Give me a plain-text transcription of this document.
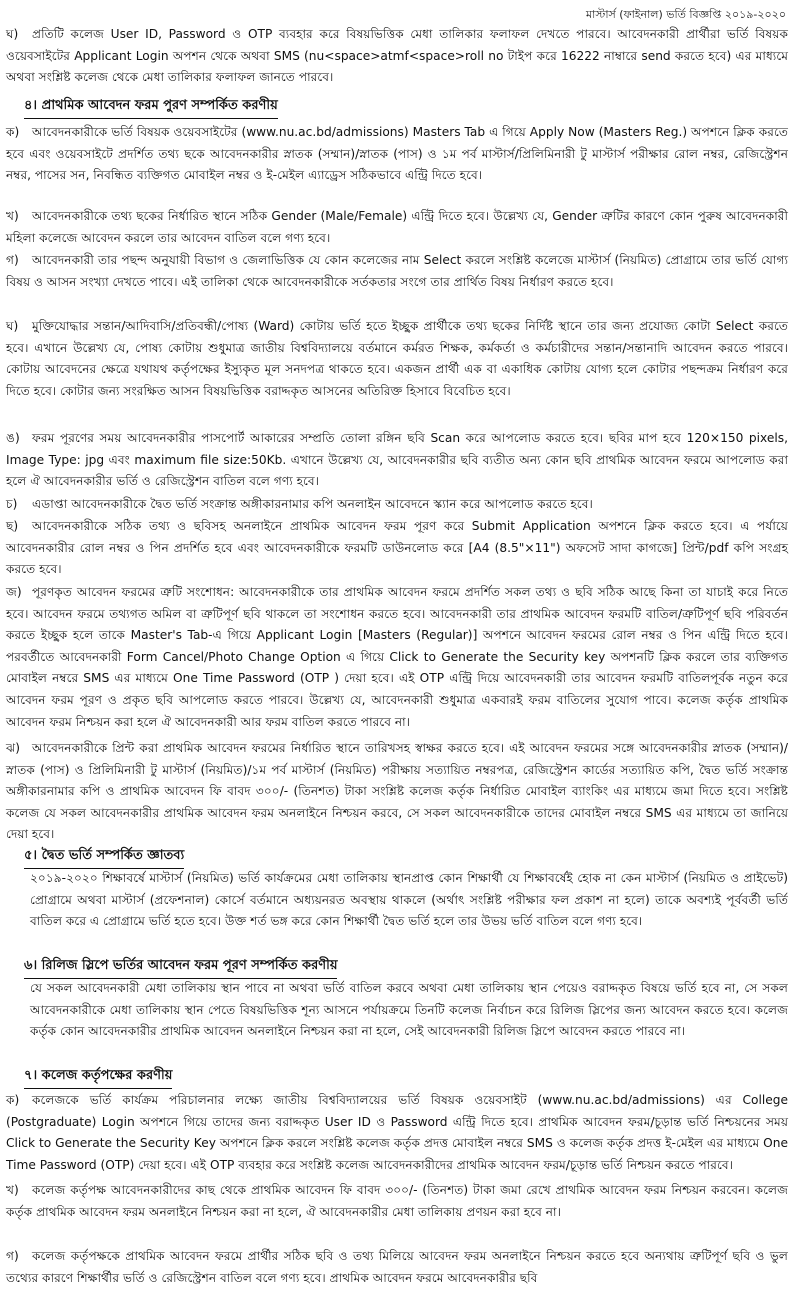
মাস্টার্স (ফাইনাল) ভর্তি বিজ্ঞপ্তি ২০১৯-২০২০
ঘ) প্রতিটি কলেজ User ID, Password ও OTP ব্যবহার করে বিষয়ভিত্তিক মেধা তালিকার ফলাফল দেখতে পারবে। আবেদনকারী প্রার্থীরা ভর্তি বিষয়ক ওয়েবসাইটের Applicant Login অপশন থেকে অথবা SMS (nu<space>atmf<space>roll no টাইপ করে 16222 নাম্বারে send করতে হবে) এর মাধ্যমে অথবা সংশ্লিষ্ট কলেজ থেকে মেধা তালিকার ফলাফল জানতে পারবে।
৪। প্রাথমিক আবেদন ফরম পুরণ সম্পর্কিত করণীয়
ক) আবেদনকারীকে ভর্তি বিষয়ক ওয়েবসাইটের (www.nu.ac.bd/admissions) Masters Tab এ গিয়ে Apply Now (Masters Reg.) অপশনে ক্লিক করতে হবে এবং ওয়েবসাইটে প্রদর্শিত তথ্য ছকে আবেদনকারীর স্নাতক (সম্মান)/স্নাতক (পাস) ও ১ম পর্ব মাস্টার্স/প্রিলিমিনারী টু মাস্টার্স পরীক্ষার রোল নম্বর, রেজিস্ট্রেশন নম্বর, পাসের সন, নিবন্ধিত ব্যক্তিগত মোবাইল নম্বর ও ই-মেইল এ্যাড্রেস সঠিকভাবে এন্ট্রি দিতে হবে।
খ) আবেদনকারীকে তথ্য ছকের নির্ধারিত স্থানে সঠিক Gender (Male/Female) এন্ট্রি দিতে হবে। উল্লেখ্য যে, Gender ত্রুটির কারণে কোন পুরুষ আবেদনকারী মহিলা কলেজে আবেদন করলে তার আবেদন বাতিল বলে গণ্য হবে।
গ) আবেদনকারী তার পছন্দ অনুযায়ী বিভাগ ও জেলাভিত্তিক যে কোন কলেজের নাম Select করলে সংশ্লিষ্ট কলেজে মাস্টার্স (নিয়মিত) প্রোগ্রামে তার ভর্তি যোগ্য বিষয় ও আসন সংখ্যা দেখতে পাবে। এই তালিকা থেকে আবেদনকারীকে সর্তকতার সংগে তার প্রার্থিত বিষয় নির্ধারণ করতে হবে।
ঘ) মুক্তিযোদ্ধার সন্তান/আদিবাসি/প্রতিবন্ধী/পোষ্য (Ward) কোটায় ভর্তি হতে ইচ্ছুক প্রার্থীকে তথ্য ছকের নির্দিষ্ট স্থানে তার জন্য প্রযোজ্য কোটা Select করতে হবে। এখানে উল্লেখ্য যে, পোষ্য কোটায় শুধুমাত্র জাতীয় বিশ্ববিদ্যালয়ে বর্তমানে কর্মরত শিক্ষক, কর্মকর্তা ও কর্মচারীদের সন্তান/সন্তানাদি আবেদন করতে পারবে। কোটায় আবেদনের ক্ষেত্রে যথাযথ কর্তৃপক্ষের ইস্যুকৃত মূল সনদপত্র থাকতে হবে। একজন প্রার্থী এক বা একাধিক কোটায় যোগ্য হলে কোটার পছন্দক্রম নির্ধারণ করে দিতে হবে। কোটার জন্য সংরক্ষিত আসন বিষয়ভিত্তিক বরাদ্দকৃত আসনের অতিরিক্ত হিসাবে বিবেচিত হবে।
ঙ) ফরম পূরণের সময় আবেদনকারীর পাসপোর্ট আকারের সম্প্রতি তোলা রঙ্গিন ছবি Scan করে আপলোড করতে হবে। ছবির মাপ হবে 120×150 pixels, Image Type: jpg এবং maximum file size:50Kb. এখানে উল্লেখ্য যে, আবেদনকারীর ছবি ব্যতীত অন্য কোন ছবি প্রাথমিক আবেদন ফরমে আপলোড করা হলে ঐ আবেদনকারীর ভর্তি ও রেজিস্ট্রেশন বাতিল বলে গণ্য হবে।
চ) এডাপ্তা আবেদনকারীকে দ্বৈত ভর্তি সংক্রান্ত অঙ্গীকারনামার কপি অনলাইন আবেদনে স্ক্যান করে আপলোড করতে হবে।
ছ) আবেদনকারীকে সঠিক তথ্য ও ছবিসহ অনলাইনে প্রাথমিক আবেদন ফরম পূরণ করে Submit Application অপশনে ক্লিক করতে হবে। এ পর্যায়ে আবেদনকারীর রোল নম্বর ও পিন প্রদর্শিত হবে এবং আবেদনকারীকে ফরমটি ডাউনলোড করে [A4 (8.5"×11") অফসেট সাদা কাগজে] প্রিন্ট/pdf কপি সংগ্রহ করতে হবে।
জ) পূরণকৃত আবেদন ফরমের ত্রুটি সংশোধন: আবেদনকারীকে তার প্রাথমিক আবেদন ফরমে প্রদর্শিত সকল তথ্য ও ছবি সঠিক আছে কিনা তা যাচাই করে নিতে হবে। আবেদন ফরমে তথ্যগত অমিল বা ত্রুটিপূর্ণ ছবি থাকলে তা সংশোধন করতে হবে। আবেদনকারী তার প্রাথমিক আবেদন ফরমটি বাতিল/ত্রুটিপূর্ণ ছবি পরিবর্তন করতে ইচ্ছুক হলে তাকে Master's Tab-এ গিয়ে Applicant Login [Masters (Regular)] অপশনে আবেদন ফরমের রোল নম্বর ও পিন এন্ট্রি দিতে হবে। পরবর্তীতে আবেদনকারী Form Cancel/Photo Change Option এ গিয়ে Click to Generate the Security key অপশনটি ক্লিক করলে তার ব্যক্তিগত মোবাইল নম্বরে SMS এর মাধ্যমে One Time Password (OTP ) দেয়া হবে। এই OTP এন্ট্রি দিয়ে আবেদনকারী তার আবেদন ফরমটি বাতিলপূর্বক নতুন করে আবেদন ফরম পূরণ ও প্রকৃত ছবি আপলোড করতে পারবে। উল্লেখ্য যে, আবেদনকারী শুধুমাত্র একবারই ফরম বাতিলের সুযোগ পাবে। কলেজ কর্তৃক প্রাথমিক আবেদন ফরম নিশ্চয়ন করা হলে ঐ আবেদনকারী আর ফরম বাতিল করতে পারবে না।
ঝ) আবেদনকারীকে প্রিন্ট করা প্রাথমিক আবেদন ফরমের নির্ধারিত স্থানে তারিখসহ স্বাক্ষর করতে হবে। এই আবেদন ফরমের সঙ্গে আবেদনকারীর স্নাতক (সম্মান)/স্নাতক (পাস) ও প্রিলিমিনারী টু মাস্টার্স (নিয়মিত)/১ম পর্ব মাস্টার্স (নিয়মিত) পরীক্ষায় সত্যায়িত নম্বরপত্র, রেজিস্ট্রেশন কার্ডের সত্যায়িত কপি, দ্বৈত ভর্তি সংক্রান্ত অঙ্গীকারনামার কপি ও প্রাথমিক আবেদন ফি বাবদ ৩০০/- (তিনশত) টাকা সংশ্লিষ্ট কলেজ কর্তৃক নির্ধারিত মোবাইল ব্যাংকিং এর মাধ্যমে জমা দিতে হবে। সংশ্লিষ্ট কলেজ যে সকল আবেদনকারীর প্রাথমিক আবেদন ফরম অনলাইনে নিশ্চয়ন করবে, সে সকল আবেদনকারীকে তাদের মোবাইল নম্বরে SMS এর মাধ্যমে তা জানিয়ে দেয়া হবে।
৫। দ্বৈত ভর্তি সম্পর্কিত জ্ঞাতব্য
২০১৯-২০২০ শিক্ষাবর্ষে মাস্টার্স (নিয়মিত) ভর্তি কার্যক্রমের মেধা তালিকায় স্থানপ্রাপ্ত কোন শিক্ষার্থী যে শিক্ষাবর্ষেই হোক না কেন মাস্টার্স (নিয়মিত ও প্রাইভেট) প্রোগ্রামে অথবা মাস্টার্স (প্রফেশনাল) কোর্সে বর্তমানে অধ্যয়নরত অবস্থায় থাকলে (অর্থাৎ সংশ্লিষ্ট পরীক্ষার ফল প্রকাশ না হলে) তাকে অবশ্যই পূর্ববর্তী ভর্তি বাতিল করে এ প্রোগ্রামে ভর্তি হতে হবে। উক্ত শর্ত ভঙ্গ করে কোন শিক্ষার্থী দ্বৈত ভর্তি হলে তার উভয় ভর্তি বাতিল বলে গণ্য হবে।
৬। রিলিজ স্লিপে ভর্তির আবেদন ফরম পূরণ সম্পর্কিত করণীয়
যে সকল আবেদনকারী মেধা তালিকায় স্থান পাবে না অথবা ভর্তি বাতিল করবে অথবা মেধা তালিকায় স্থান পেয়েও বরাদ্দকৃত বিষয়ে ভর্তি হবে না, সে সকল আবেদনকারীকে মেধা তালিকায় স্থান পেতে বিষয়ভিত্তিক শূন্য আসনে পর্যায়ক্রমে তিনটি কলেজ নির্বাচন করে রিলিজ স্লিপের জন্য আবেদন করতে হবে। কলেজ কর্তৃক কোন আবেদনকারীর প্রাথমিক আবেদন অনলাইনে নিশ্চয়ন করা না হলে, সেই আবেদনকারী রিলিজ স্লিপে আবেদন করতে পারবে না।
৭। কলেজ কর্তৃপক্ষের করণীয়
ক) কলেজকে ভর্তি কার্যক্রম পরিচালনার লক্ষ্যে জাতীয় বিশ্ববিদ্যালয়ের ভর্তি বিষয়ক ওয়েবসাইট (www.nu.ac.bd/admissions) এর College (Postgraduate) Login অপশনে গিয়ে তাদের জন্য বরাদ্দকৃত User ID ও Password এন্ট্রি দিতে হবে। প্রাথমিক আবেদন ফরম/চূড়ান্ত ভর্তি নিশ্চয়নের সময় Click to Generate the Security Key অপশনে ক্লিক করলে সংশ্লিষ্ট কলেজ কর্তৃক প্রদত্ত মোবাইল নম্বরে SMS ও কলেজ কর্তৃক প্রদত্ত ই-মেইল এর মাধ্যমে One Time Password (OTP) দেয়া হবে। এই OTP ব্যবহার করে সংশ্লিষ্ট কলেজ আবেদনকারীদের প্রাথমিক আবেদন ফরম/চূড়ান্ত ভর্তি নিশ্চয়ন করতে পারবে।
খ) কলেজ কর্তৃপক্ষ আবেদনকারীদের কাছ থেকে প্রাথমিক আবেদন ফি বাবদ ৩০০/- (তিনশত) টাকা জমা রেখে প্রাথমিক আবেদন ফরম নিশ্চয়ন করবেন। কলেজ কর্তৃক প্রাথমিক আবেদন ফরম অনলাইনে নিশ্চয়ন করা না হলে, ঐ আবেদনকারীর মেধা তালিকায় প্রণয়ন করা হবে না।
গ) কলেজ কর্তৃপক্ষকে প্রাথমিক আবেদন ফরমে প্রার্থীর সঠিক ছবি ও তথ্য মিলিয়ে আবেদন ফরম অনলাইনে নিশ্চয়ন করতে হবে অন্যথায় ত্রুটিপূর্ণ ছবি ও ভুল তথ্যের কারণে শিক্ষার্থীর ভর্তি ও রেজিস্ট্রেশন বাতিল বলে গণ্য হবে। প্রাথমিক আবেদন ফরমে আবেদনকারীর ছবি
